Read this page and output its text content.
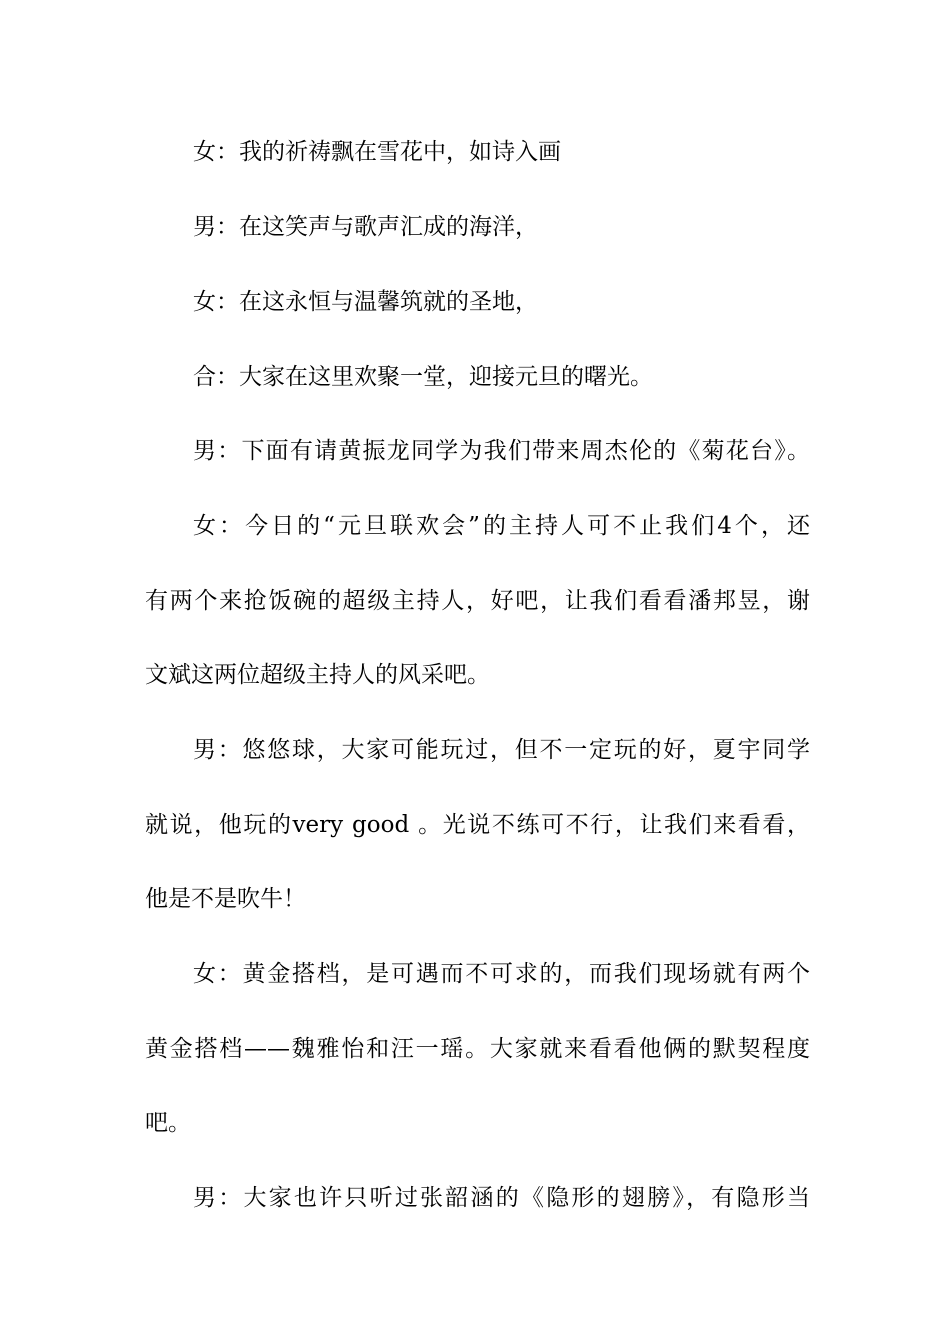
女：我的祈祷飘在雪花中，如诗入画
男：在这笑声与歌声汇成的海洋，
女：在这永恒与温馨筑就的圣地，
合：大家在这里欢聚一堂，迎接元旦的曙光。
男：下面有请黄振龙同学为我们带来周杰伦的《菊花台》。
女：今日的“元旦联欢会”的主持人可不止我们4个，还
有两个来抢饭碗的超级主持人，好吧，让我们看看潘邦昱，谢
文斌这两位超级主持人的风采吧。
男：悠悠球，大家可能玩过，但不一定玩的好，夏宇同学
就说，他玩的very good 。光说不练可不行，让我们来看看，
他是不是吹牛！
女：黄金搭档，是可遇而不可求的，而我们现场就有两个
黄金搭档——魏雅怡和汪一瑶。大家就来看看他俩的默契程度
吧。
男：大家也许只听过张韶涵的《隐形的翅膀》，有隐形当
